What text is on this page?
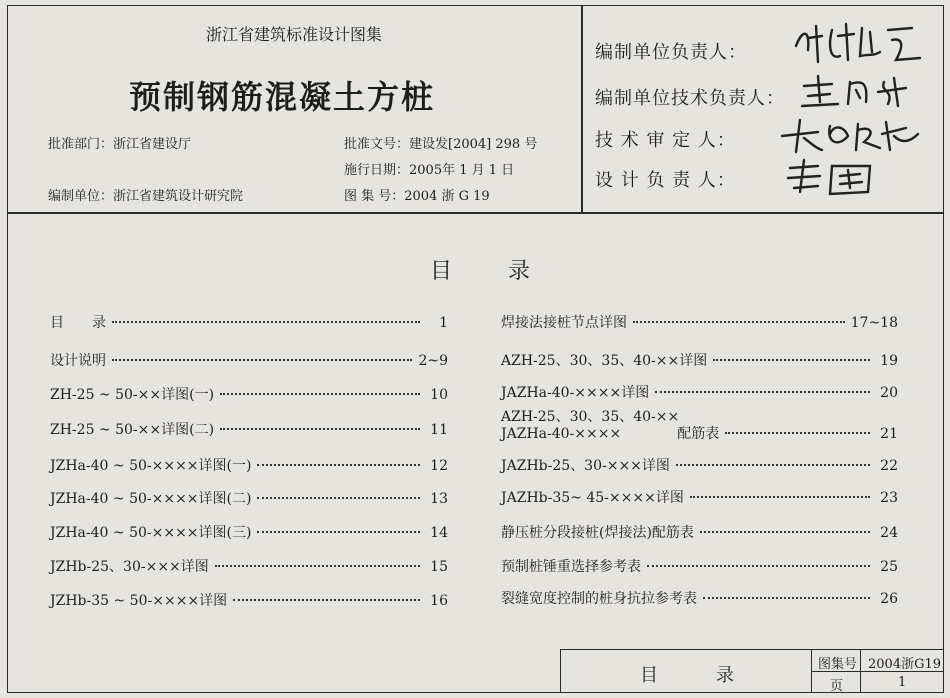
浙江省建筑标准设计图集
预制钢筋混凝土方桩
批准部门：浙江省建设厅
编制单位：浙江省建筑设计研究院
批准文号：建设发[2004] 298 号
施行日期：2005年 1 月 1 日
图 集 号：2004 浙 G 19
编制单位负责人：
编制单位技术负责人：
技 术 审 定 人：
设 计 负 责 人：
目 录
目　　录	1
设计说明	2~9
ZH-25 ~ 50-××详图(一)	10
ZH-25 ~ 50-××详图(二)	11
JZHa-40 ~ 50-××××详图(一)	12
JZHa-40 ~ 50-××××详图(二)	13
JZHa-40 ~ 50-××××详图(三)	14
JZHb-25、30-×××详图	15
JZHb-35 ~ 50-××××详图	16
焊接法接桩节点详图	17~18
AZH-25、30、35、40-××详图	19
JAZHa-40-××××详图	20
AZH-25、30、35、40-××
JAZHa-40-××××	配筋表	21
JAZHb-25、30-×××详图	22
JAZHb-35~ 45-××××详图	23
静压桩分段接桩(焊接法)配筋表	24
预制桩锤重选择参考表	25
裂缝宽度控制的桩身抗拉参考表	26
目　录
图集号 2004浙G19
页	1
